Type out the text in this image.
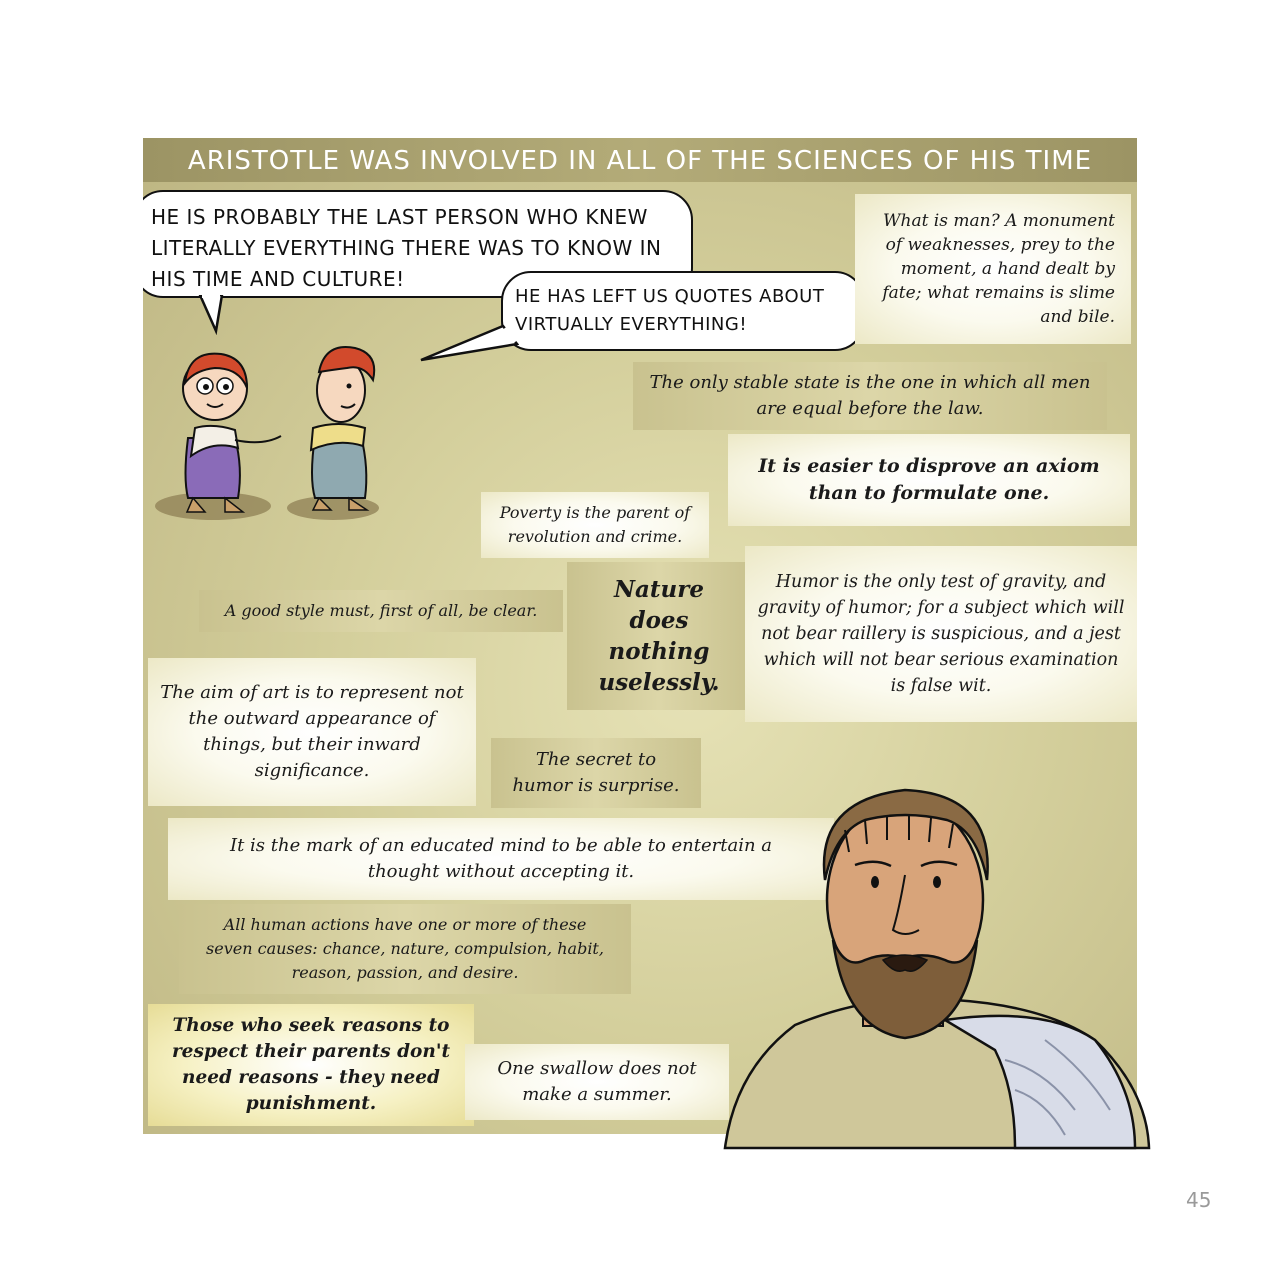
ARISTOTLE WAS INVOLVED IN ALL OF THE SCIENCES OF HIS TIME
HE IS PROBABLY THE LAST PERSON WHO KNEW LITERALLY EVERYTHING THERE WAS TO KNOW IN HIS TIME AND CULTURE!
HE HAS LEFT US QUOTES ABOUT VIRTUALLY EVERYTHING!
What is man? A monument of weaknesses, prey to the moment, a hand dealt by fate; what remains is slime and bile.
The only stable state is the one in which all men are equal before the law.
It is easier to disprove an axiom than to formulate one.
Poverty is the parent of revolution and crime.
A good style must, first of all, be clear.
Nature does nothing uselessly.
Humor is the only test of gravity, and gravity of humor; for a subject which will not bear raillery is suspicious, and a jest which will not bear serious examination is false wit.
The aim of art is to represent not the outward appearance of things, but their inward significance.
The secret to humor is surprise.
It is the mark of an educated mind to be able to entertain a thought without accepting it.
All human actions have one or more of these seven causes: chance, nature, compulsion, habit, reason, passion, and desire.
Those who seek reasons to respect their parents don't need reasons - they need punishment.
One swallow does not make a summer.
45
